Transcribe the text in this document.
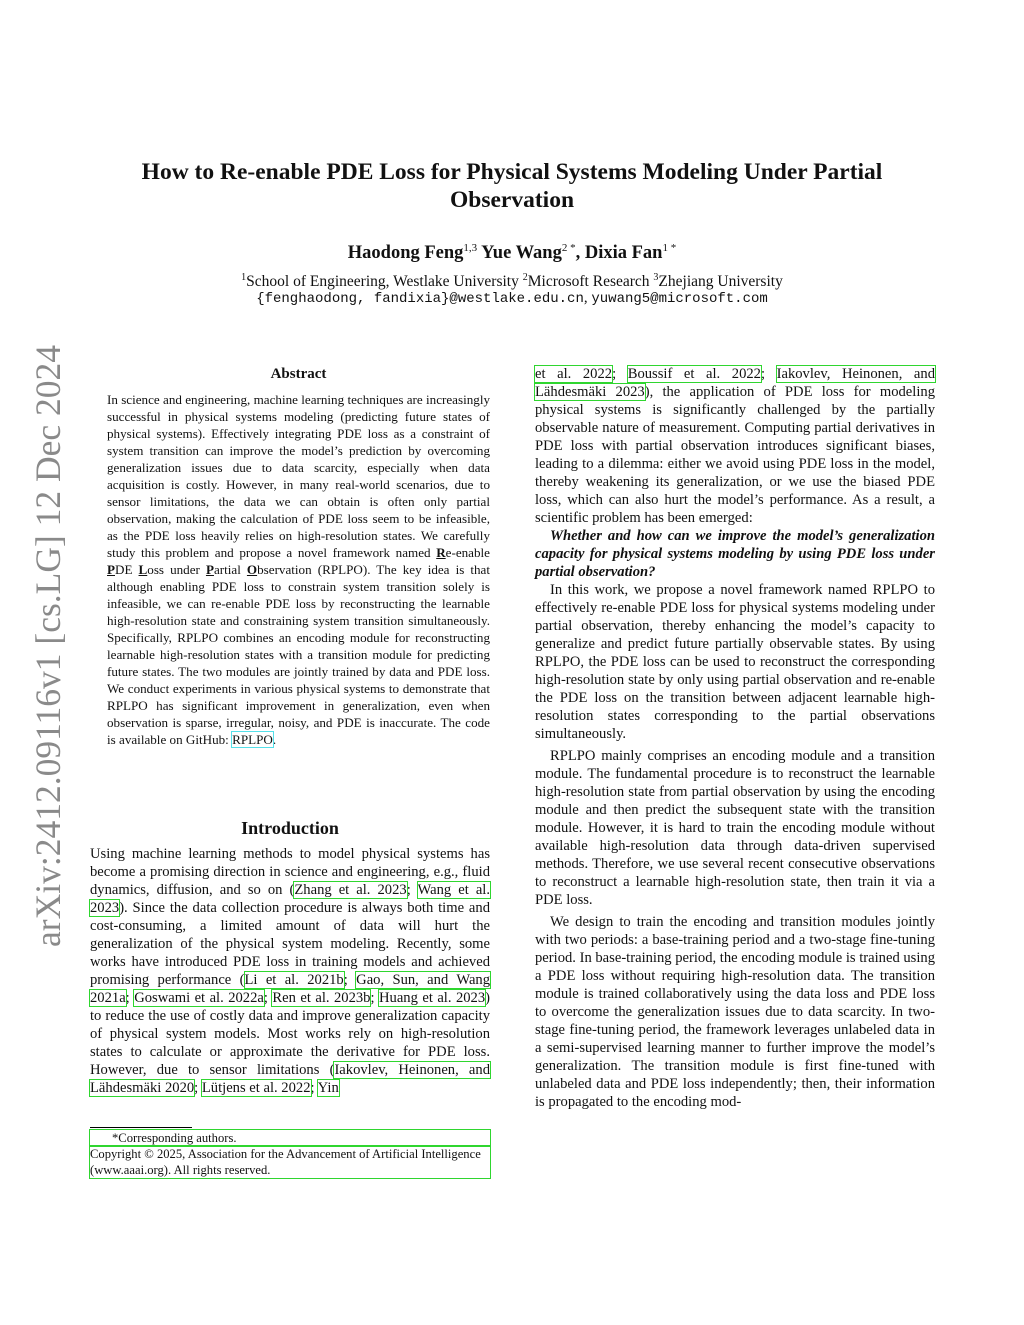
arXiv:2412.09116v1 [cs.LG] 12 Dec 2024
How to Re-enable PDE Loss for Physical Systems Modeling Under Partial Observation
Haodong Feng$^{1,3}$ Yue Wang$^{2 *}$, Dixia Fan$^{1 *}$
$^1$School of Engineering, Westlake University $^2$Microsoft Research $^3$Zhejiang University
{fenghaodong, fandixia}@westlake.edu.cn, yuwang5@microsoft.com
Abstract

In science and engineering, machine learning techniques are increasingly successful in physical systems modeling (predicting future states of physical systems). Effectively integrating PDE loss as a constraint of system transition can improve the model’s prediction by overcoming generalization issues due to data scarcity, especially when data acquisition is costly. However, in many real-world scenarios, due to sensor limitations, the data we can obtain is often only partial observation, making the calculation of PDE loss seem to be infeasible, as the PDE loss heavily relies on high-resolution states. We carefully study this problem and propose a novel framework named Re-enable PDE Loss under Partial Observation (RPLPO). The key idea is that although enabling PDE loss to constrain system transition solely is infeasible, we can re-enable PDE loss by reconstructing the learnable high-resolution state and constraining system transition simultaneously. Specifically, RPLPO combines an encoding module for reconstructing learnable high-resolution states with a transition module for predicting future states. The two modules are jointly trained by data and PDE loss. We conduct experiments in various physical systems to demonstrate that RPLPO has significant improvement in generalization, even when observation is sparse, irregular, noisy, and PDE is inaccurate. The code is available on GitHub: RPLPO.

Introduction

Using machine learning methods to model physical systems has become a promising direction in science and engineering, e.g., fluid dynamics, diffusion, and so on (Zhang et al. 2023; Wang et al. 2023). Since the data collection procedure is always both time and cost-consuming, a limited amount of data will hurt the generalization of the physical system modeling. Recently, some works have introduced PDE loss in training models and achieved promising performance (Li et al. 2021b; Gao, Sun, and Wang 2021a; Goswami et al. 2022a; Ren et al. 2023b; Huang et al. 2023) to reduce the use of costly data and improve generalization capacity of physical system models. Most works rely on high-resolution states to calculate or approximate the derivative for PDE loss. However, due to sensor limitations (Iakovlev, Heinonen, and Lähdesmäki 2020; Lütjens et al. 2022; Yin

*Corresponding authors.

Copyright © 2025, Association for the Advancement of Artificial Intelligence (www.aaai.org). All rights reserved.

et al. 2022; Boussif et al. 2022; Iakovlev, Heinonen, and Lähdesmäki 2023), the application of PDE loss for modeling physical systems is significantly challenged by the partially observable nature of measurement. Computing partial derivatives in PDE loss with partial observation introduces significant biases, leading to a dilemma: either we avoid using PDE loss in the model, thereby weakening its generalization, or we use the biased PDE loss, which can also hurt the model’s performance. As a result, a scientific problem has been emerged:

Whether and how can we improve the model’s generalization capacity for physical systems modeling by using PDE loss under partial observation?

In this work, we propose a novel framework named RPLPO to effectively re-enable PDE loss for physical systems modeling under partial observation, thereby enhancing the model’s capacity to generalize and predict future partially observable states. By using RPLPO, the PDE loss can be used to reconstruct the corresponding high-resolution state by only using partial observation and re-enable the PDE loss on the transition between adjacent learnable high-resolution states corresponding to the partial observations simultaneously.

RPLPO mainly comprises an encoding module and a transition module. The fundamental procedure is to reconstruct the learnable high-resolution state from partial observation by using the encoding module and then predict the subsequent state with the transition module. However, it is hard to train the encoding module without available high-resolution data through data-driven supervised methods. Therefore, we use several recent consecutive observations to reconstruct a learnable high-resolution state, then train it via a PDE loss.

We design to train the encoding and transition modules jointly with two periods: a base-training period and a two-stage fine-tuning period. In base-training period, the encoding module is trained using a PDE loss without requiring high-resolution data. The transition module is trained collaboratively using the data loss and PDE loss to overcome the generalization issues due to data scarcity. In two-stage fine-tuning period, the framework leverages unlabeled data in a semi-supervised learning manner to further improve the model’s generalization. The transition module is first fine-tuned with unlabeled data and PDE loss independently; then, their information is propagated to the encoding mod-
